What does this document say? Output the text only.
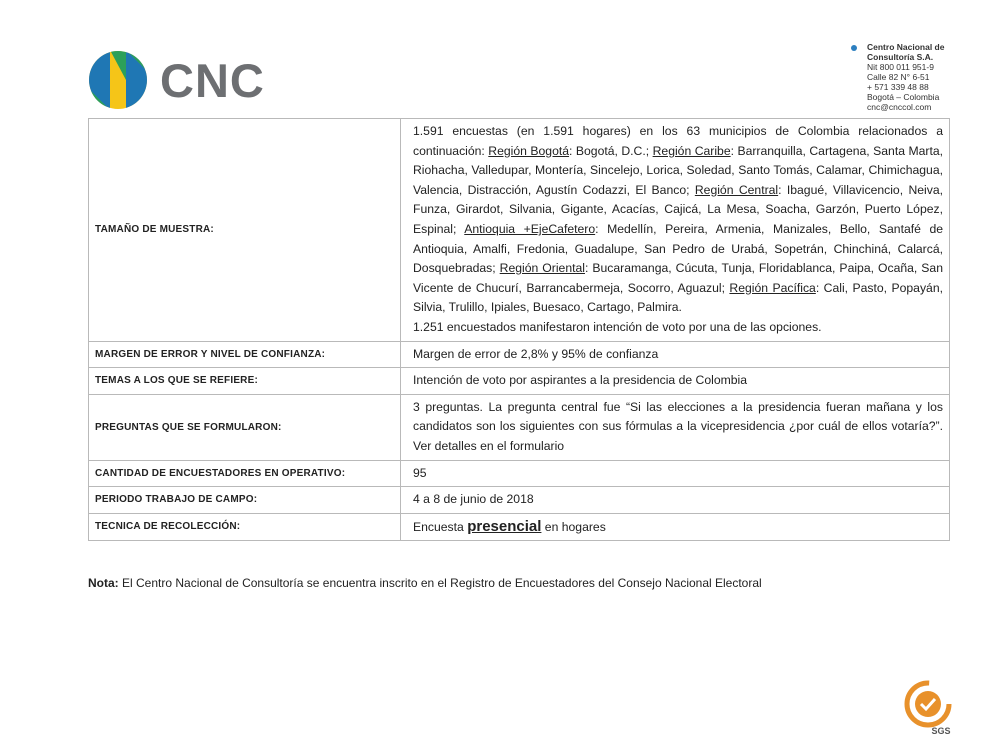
CNC
Centro Nacional de
Consultoría S.A.
Nit 800 011 951-9
Calle 82 N° 6-51
+ 571 339 48 88
Bogotá – Colombia
cnc@cnccol.com
TAMAÑO DE MUESTRA:	1.591 encuestas (en 1.591 hogares) en los 63 municipios de Colombia relacionados a continuación: Región Bogotá: Bogotá, D.C.; Región Caribe: Barranquilla, Cartagena, Santa Marta, Riohacha, Valledupar, Montería, Sincelejo, Lorica, Soledad, Santo Tomás, Calamar, Chimichagua, Valencia, Distracción, Agustín Codazzi, El Banco; Región Central: Ibagué, Villavicencio, Neiva, Funza, Girardot, Silvania, Gigante, Acacías, Cajicá, La Mesa, Soacha, Garzón, Puerto López, Espinal; Antioquia +EjeCafetero: Medellín, Pereira, Armenia, Manizales, Bello, Santafé de Antioquia, Amalfi, Fredonia, Guadalupe, San Pedro de Urabá, Sopetrán, Chinchiná, Calarcá, Dosquebradas; Región Oriental: Bucaramanga, Cúcuta, Tunja, Floridablanca, Paipa, Ocaña, San Vicente de Chucurí, Barrancabermeja, Socorro, Aguazul; Región Pacífica: Cali, Pasto, Popayán, Silvia, Trulillo, Ipiales, Buesaco, Cartago, Palmira.
1.251 encuestados manifestaron intención de voto por una de las opciones.

MARGEN DE ERROR Y NIVEL DE CONFIANZA:	Margen de error de 2,8% y 95% de confianza
TEMAS A LOS QUE SE REFIERE:	Intención de voto por aspirantes a la presidencia de Colombia
PREGUNTAS QUE SE FORMULARON:	3 preguntas. La pregunta central fue “Si las elecciones a la presidencia fueran mañana y los candidatos son los siguientes con sus fórmulas a la vicepresidencia ¿por cuál de ellos votaría?”. Ver detalles en el formulario
CANTIDAD DE ENCUESTADORES EN OPERATIVO:	95
PERIODO TRABAJO DE CAMPO:	4 a 8 de junio de 2018
TECNICA DE RECOLECCIÓN:	Encuesta presencial en hogares
Nota: El Centro Nacional de Consultoría se encuentra inscrito en el Registro de Encuestadores del Consejo Nacional Electoral
SGS
